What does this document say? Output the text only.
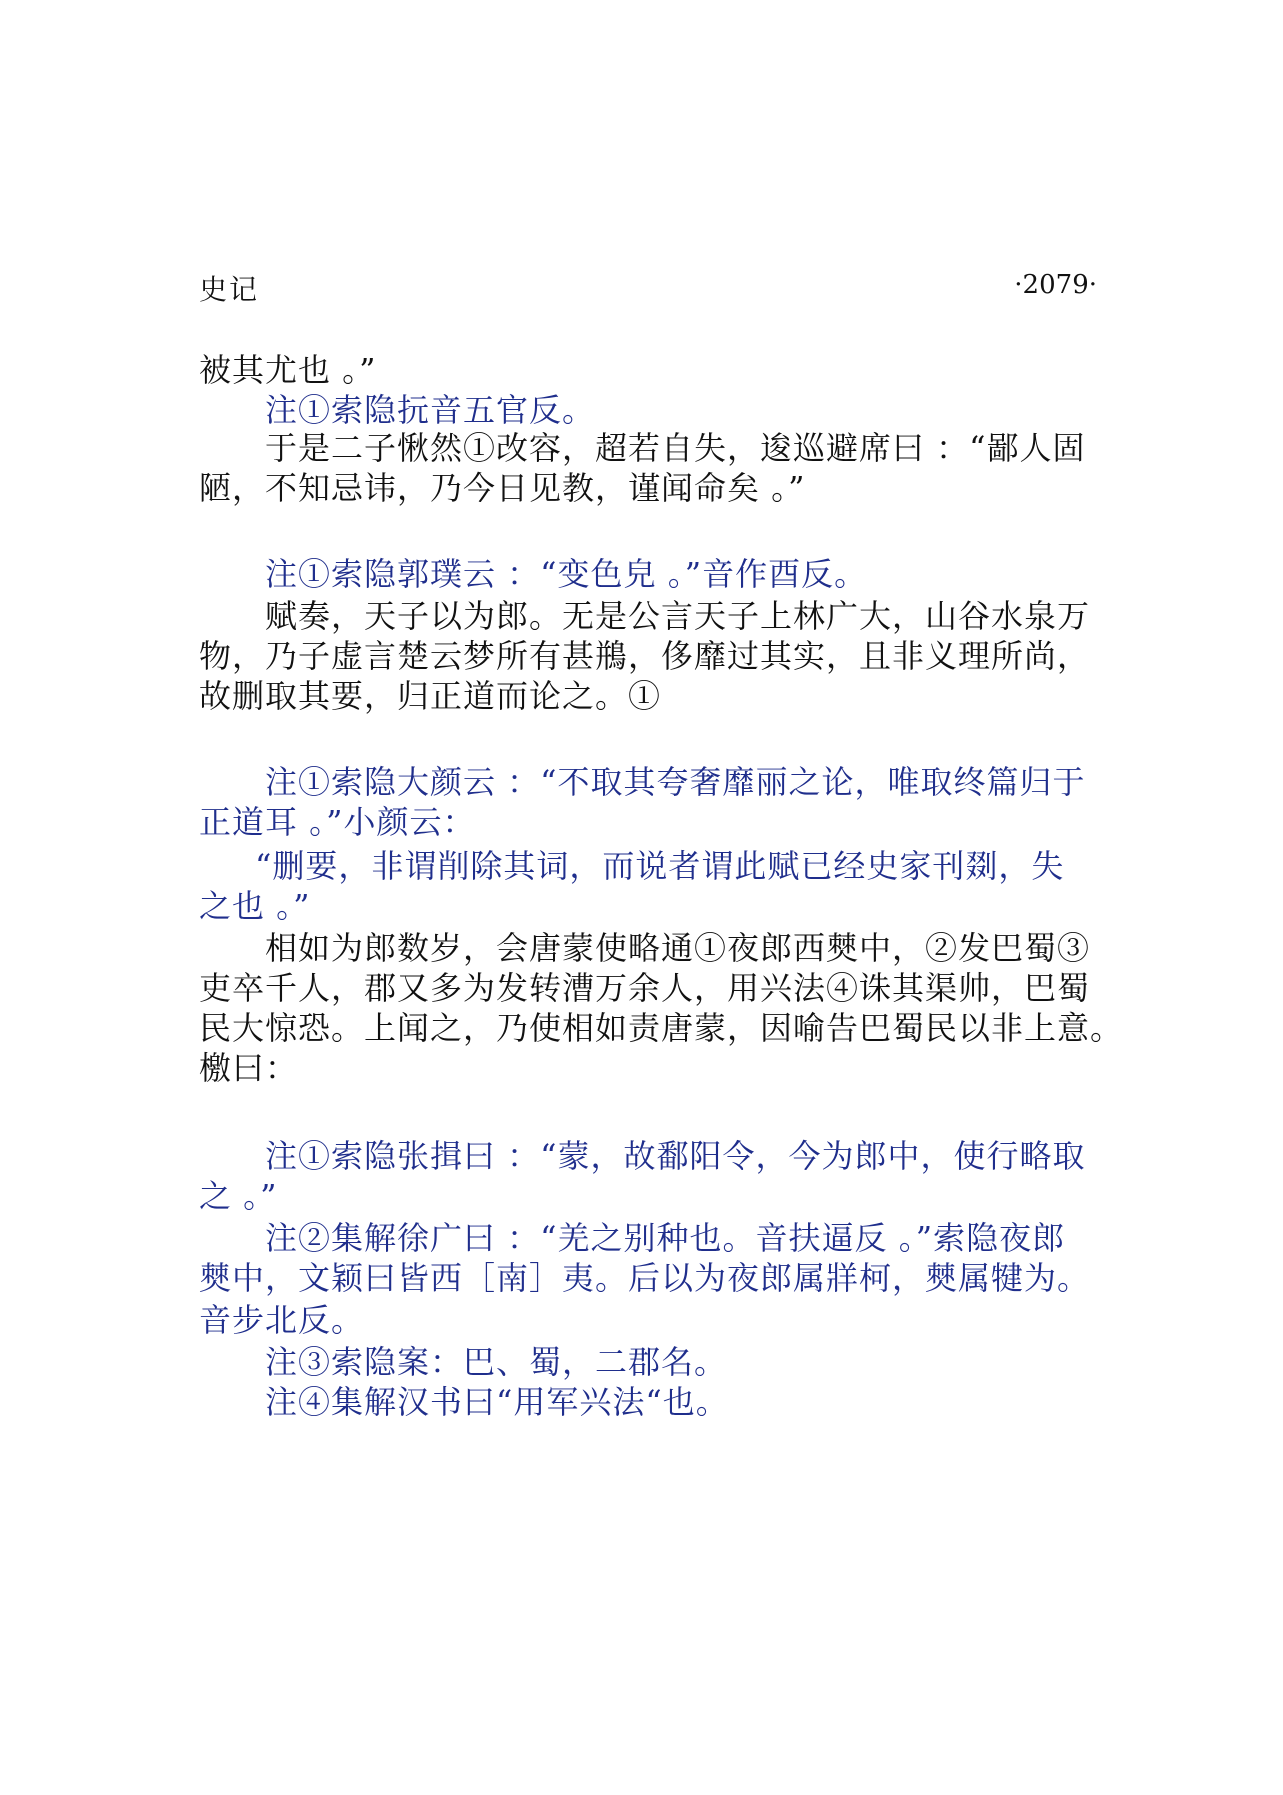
史记	·2079·
被其尤也 。”
注①索隐抏音五官反。
于是二子愀然①改容，超若自失，逡巡避席曰 ：“鄙人固
陋，不知忌讳，乃今日见教，谨闻命矣 。”
注①索隐郭璞云 ：“变色皃 。”音作酉反。
赋奏，天子以为郎。无是公言天子上林广大，山谷水泉万
物，乃子虚言楚云梦所有甚鵧，侈靡过其实，且非义理所尚，
故删取其要，归正道而论之。①
注①索隐大颜云 ：“不取其夸奢靡丽之论，唯取终篇归于
正道耳 。”小颜云：
“删要，非谓削除其词，而说者谓此赋已经史家刊剟，失
之也 。”
相如为郎数岁，会唐蒙使略通①夜郎西僰中，②发巴蜀③
吏卒千人，郡又多为发转漕万余人，用兴法④诛其渠帅，巴蜀
民大惊恐。上闻之，乃使相如责唐蒙，因喻告巴蜀民以非上意。
檄曰：
注①索隐张揖曰 ：“蒙，故鄱阳令，今为郎中，使行略取
之 。”
注②集解徐广曰 ：“羌之别种也。音扶逼反 。”索隐夜郎
僰中，文颖曰皆西［南］夷。后以为夜郎属牂柯，僰属犍为。
音步北反。
注③索隐案：巴、蜀，二郡名。
注④集解汉书曰“用军兴法“也。
